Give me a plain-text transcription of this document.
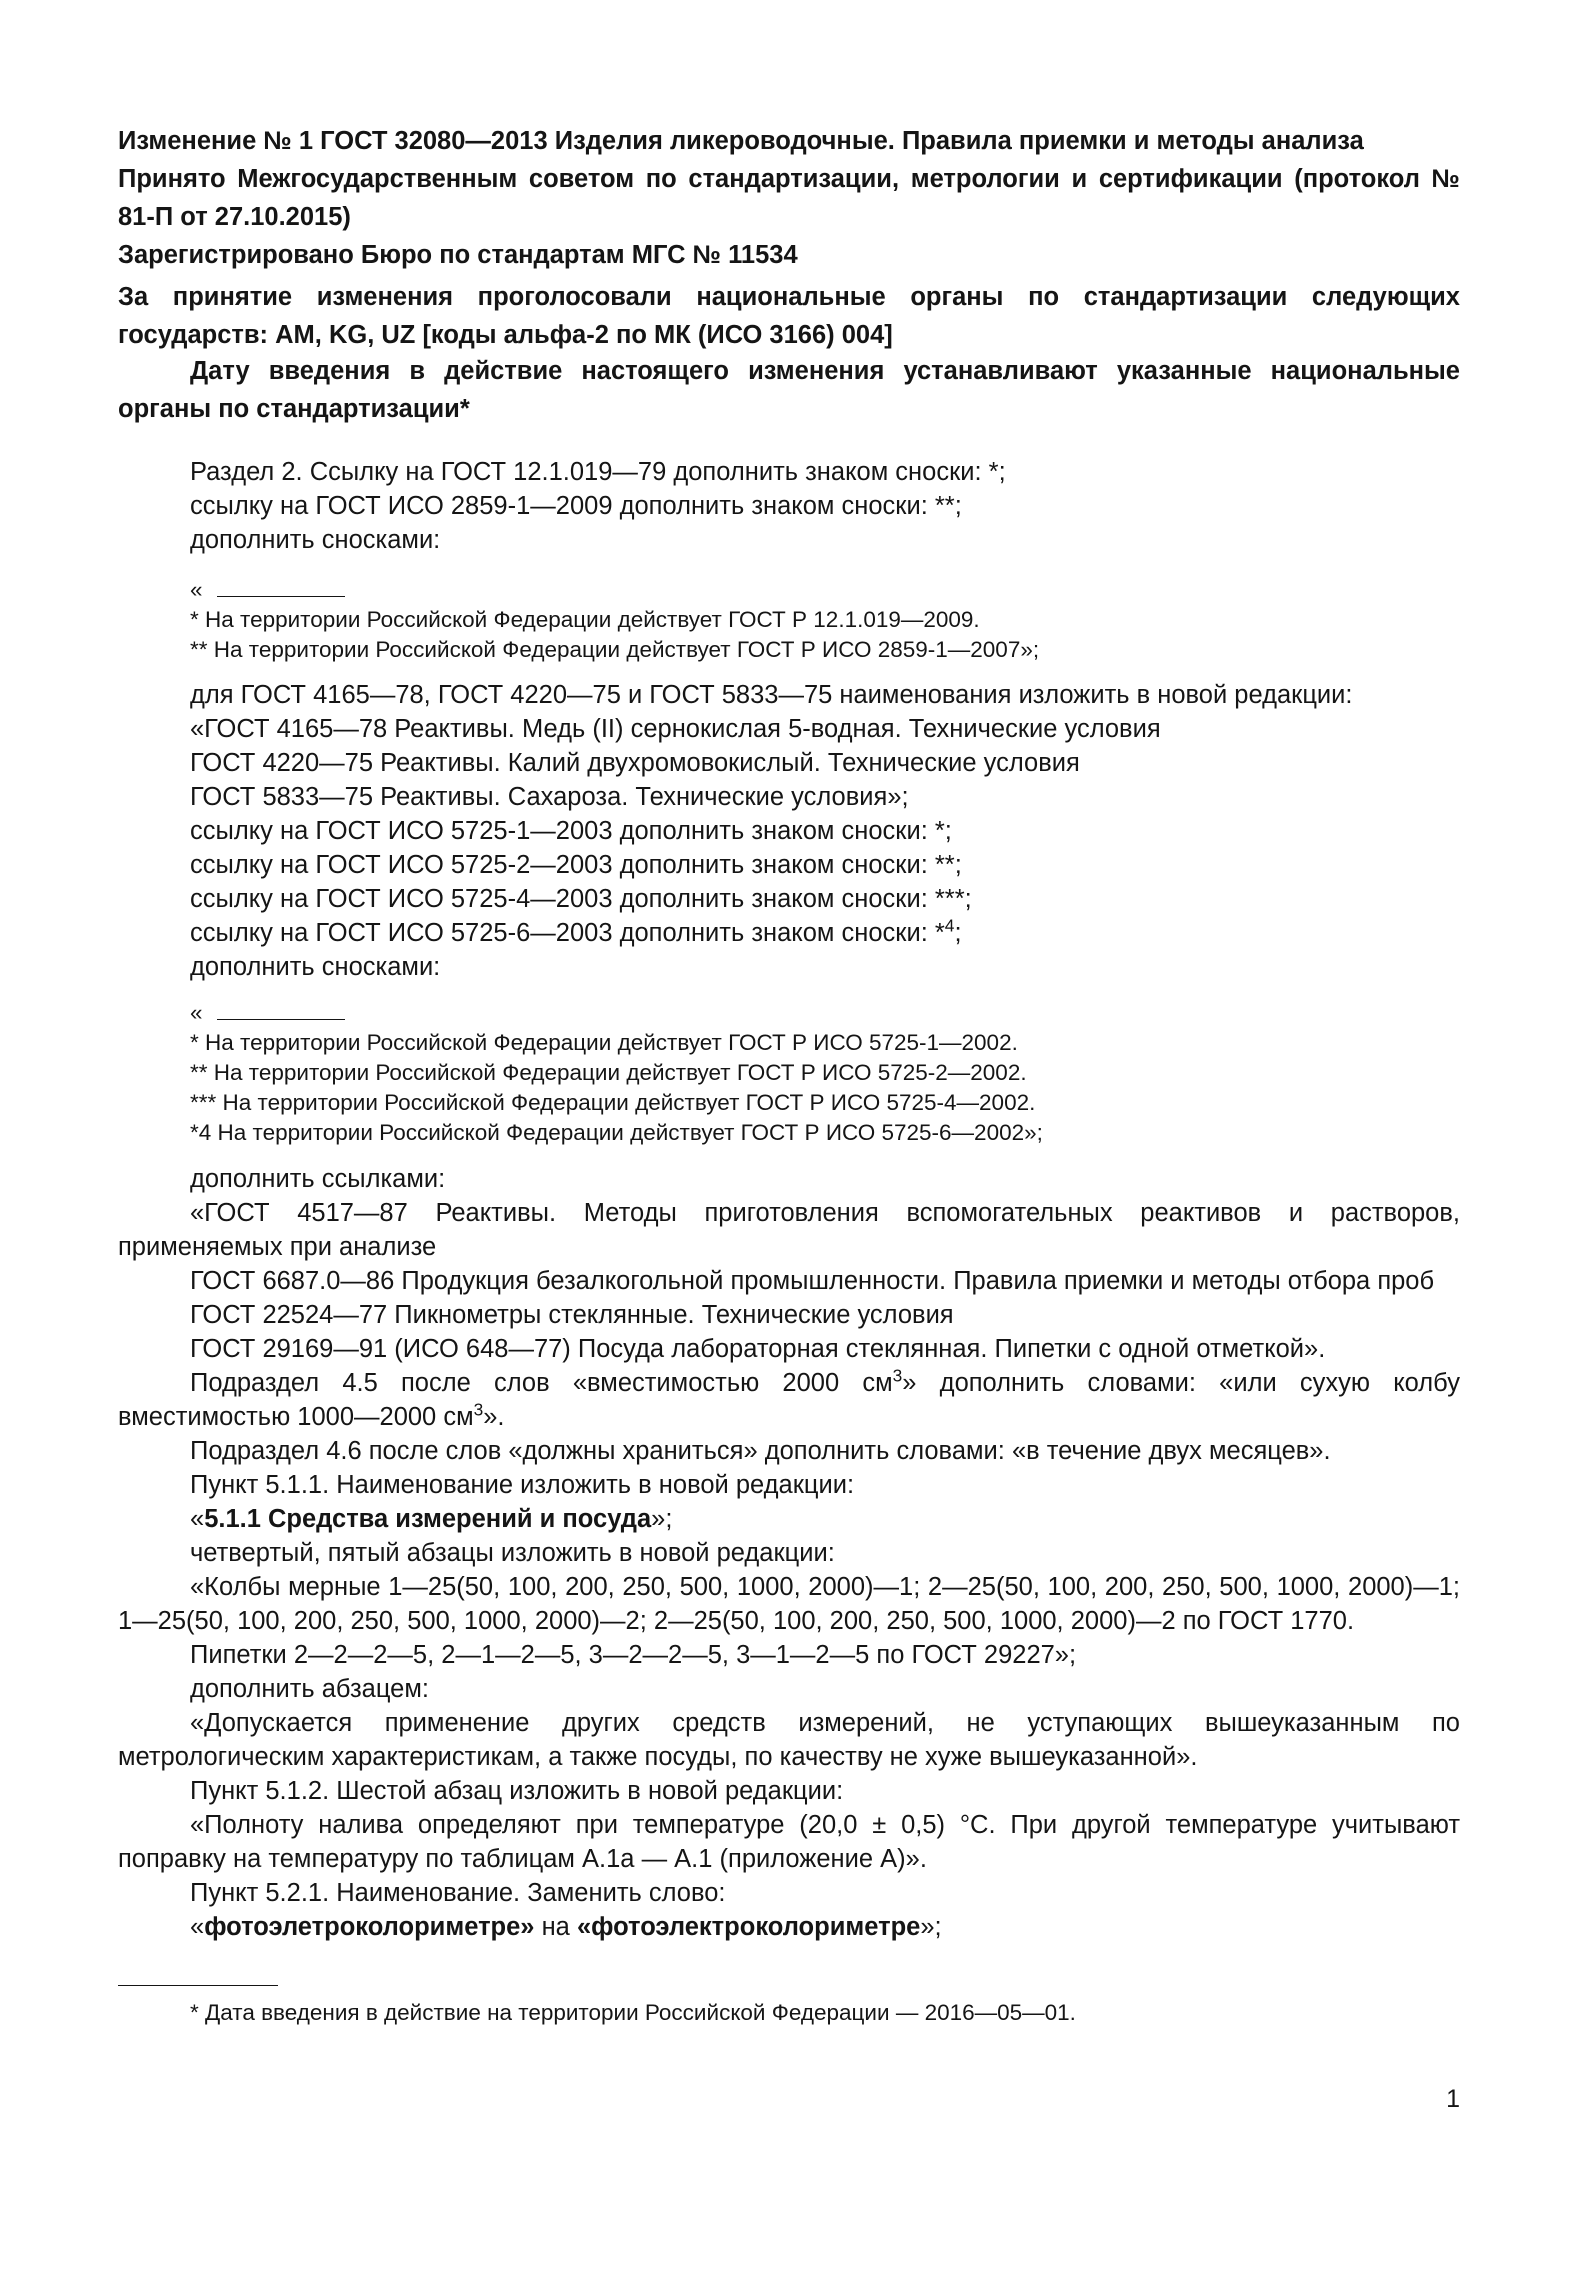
Изменение № 1 ГОСТ 32080—2013 Изделия ликероводочные. Правила приемки и методы анализа

Принято Межгосударственным советом по стандартизации, метрологии и сертификации (протокол № 81-П от 27.10.2015)

Зарегистрировано Бюро по стандартам МГС № 11534

За принятие изменения проголосовали национальные органы по стандартизации следующих государств: AM, KG, UZ [коды альфа-2 по МК (ИСО 3166) 004]

Дату введения в действие настоящего изменения устанавливают указанные национальные органы по стандартизации*

Раздел 2. Ссылку на ГОСТ 12.1.019—79 дополнить знаком сноски: *;

ссылку на ГОСТ ИСО 2859-1—2009 дополнить знаком сноски: **;

дополнить сносками:

«

* На территории Российской Федерации действует ГОСТ Р 12.1.019—2009.

** На территории Российской Федерации действует ГОСТ Р ИСО 2859-1—2007»;

для ГОСТ 4165—78, ГОСТ 4220—75 и ГОСТ 5833—75 наименования изложить в новой редакции:

«ГОСТ 4165—78 Реактивы. Медь (II) сернокислая 5-водная. Технические условия

ГОСТ 4220—75 Реактивы. Калий двухромовокислый. Технические условия

ГОСТ 5833—75 Реактивы. Сахароза. Технические условия»;

ссылку на ГОСТ ИСО 5725-1—2003 дополнить знаком сноски: *;

ссылку на ГОСТ ИСО 5725-2—2003 дополнить знаком сноски: **;

ссылку на ГОСТ ИСО 5725-4—2003 дополнить знаком сноски: ***;

ссылку на ГОСТ ИСО 5725-6—2003 дополнить знаком сноски: *$^4$;

дополнить сносками:

«

* На территории Российской Федерации действует ГОСТ Р ИСО 5725-1—2002.

** На территории Российской Федерации действует ГОСТ Р ИСО 5725-2—2002.

*** На территории Российской Федерации действует ГОСТ Р ИСО 5725-4—2002.

*4 На территории Российской Федерации действует ГОСТ Р ИСО 5725-6—2002»;

дополнить ссылками:

«ГОСТ 4517—87 Реактивы. Методы приготовления вспомогательных реактивов и растворов, применяемых при анализе

ГОСТ 6687.0—86 Продукция безалкогольной промышленности. Правила приемки и методы отбора проб

ГОСТ 22524—77 Пикнометры стеклянные. Технические условия

ГОСТ 29169—91 (ИСО 648—77) Посуда лабораторная стеклянная. Пипетки с одной отметкой».

Подраздел 4.5 после слов «вместимостью 2000 $см^3$» дополнить словами: «или сухую колбу вместимостью 1000—2000 $см^3$».

Подраздел 4.6 после слов «должны храниться» дополнить словами: «в течение двух месяцев».

Пункт 5.1.1. Наименование изложить в новой редакции:

«5.1.1 Средства измерений и посуда»;

четвертый, пятый абзацы изложить в новой редакции:

«Колбы мерные 1—25(50, 100, 200, 250, 500, 1000, 2000)—1; 2—25(50, 100, 200, 250, 500, 1000, 2000)—1; 1—25(50, 100, 200, 250, 500, 1000, 2000)—2; 2—25(50, 100, 200, 250, 500, 1000, 2000)—2 по ГОСТ 1770.

Пипетки 2—2—2—5, 2—1—2—5, 3—2—2—5, 3—1—2—5 по ГОСТ 29227»;

дополнить абзацем:

«Допускается применение других средств измерений, не уступающих вышеуказанным по метрологическим характеристикам, а также посуды, по качеству не хуже вышеуказанной».

Пункт 5.1.2. Шестой абзац изложить в новой редакции:

«Полноту налива определяют при температуре (20,0 ± 0,5) °С. При другой температуре учитывают поправку на температуру по таблицам А.1а — А.1 (приложение А)».

Пункт 5.2.1. Наименование. Заменить слово:

«фотоэлетроколориметре» на «фотоэлектроколориметре»;

* Дата введения в действие на территории Российской Федерации — 2016—05—01.
1
